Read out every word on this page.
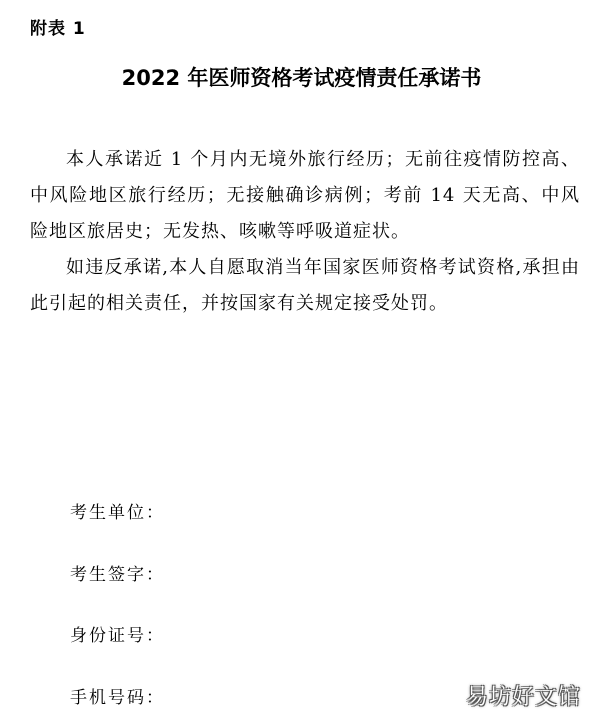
附表 1
2022 年医师资格考试疫情责任承诺书

本人承诺近 1 个月内无境外旅行经历；无前往疫情防控高、中风险地区旅行经历；无接触确诊病例；考前 14 天无高、中风险地区旅居史；无发热、咳嗽等呼吸道症状。

如违反承诺,本人自愿取消当年国家医师资格考试资格,承担由此引起的相关责任，并按国家有关规定接受处罚。

考生单位：
考生签字：
身份证号：
手机号码：	易坊好文馆
